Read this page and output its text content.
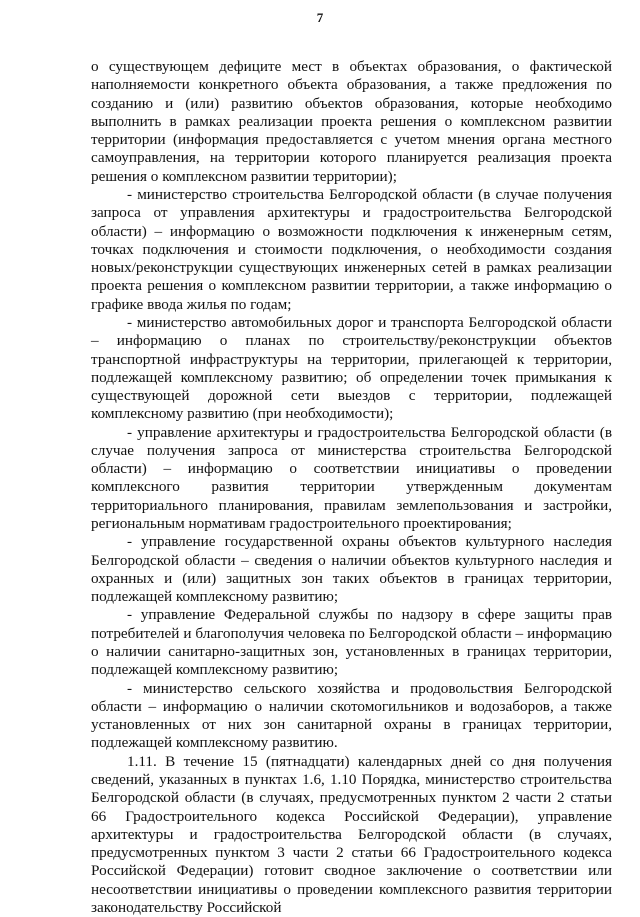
7

о существующем дефиците мест в объектах образования, о фактической наполняемости конкретного объекта образования, а также предложения по созданию и (или) развитию объектов образования, которые необходимо выполнить в рамках реализации проекта решения о комплексном развитии территории (информация предоставляется с учетом мнения органа местного самоуправления, на территории которого планируется реализация проекта решения о комплексном развитии территории);

- министерство строительства Белгородской области (в случае получения запроса от управления архитектуры и градостроительства Белгородской области) – информацию о возможности подключения к инженерным сетям, точках подключения и стоимости подключения, о необходимости создания новых/реконструкции существующих инженерных сетей в рамках реализации проекта решения о комплексном развитии территории, а также информацию о графике ввода жилья по годам;

- министерство автомобильных дорог и транспорта Белгородской области – информацию о планах по строительству/реконструкции объектов транспортной инфраструктуры на территории, прилегающей к территории, подлежащей комплексному развитию; об определении точек примыкания к существующей дорожной сети выездов с территории, подлежащей комплексному развитию (при необходимости);

- управление архитектуры и градостроительства Белгородской области (в случае получения запроса от министерства строительства Белгородской области) – информацию о соответствии инициативы о проведении комплексного развития территории утвержденным документам территориального планирования, правилам землепользования и застройки, региональным нормативам градостроительного проектирования;

- управление государственной охраны объектов культурного наследия Белгородской области – сведения о наличии объектов культурного наследия и охранных и (или) защитных зон таких объектов в границах территории, подлежащей комплексному развитию;

- управление Федеральной службы по надзору в сфере защиты прав потребителей и благополучия человека по Белгородской области – информацию о наличии санитарно-защитных зон, установленных в границах территории, подлежащей комплексному развитию;

- министерство сельского хозяйства и продовольствия Белгородской области – информацию о наличии скотомогильников и водозаборов, а также установленных от них зон санитарной охраны в границах территории, подлежащей комплексному развитию.

1.11. В течение 15 (пятнадцати) календарных дней со дня получения сведений, указанных в пунктах 1.6, 1.10 Порядка, министерство строительства Белгородской области (в случаях, предусмотренных пунктом 2 части 2 статьи 66 Градостроительного кодекса Российской Федерации), управление архитектуры и градостроительства Белгородской области (в случаях, предусмотренных пунктом 3 части 2 статьи 66 Градостроительного кодекса Российской Федерации) готовит сводное заключение о соответствии или несоответствии инициативы о проведении комплексного развития территории законодательству Российской
